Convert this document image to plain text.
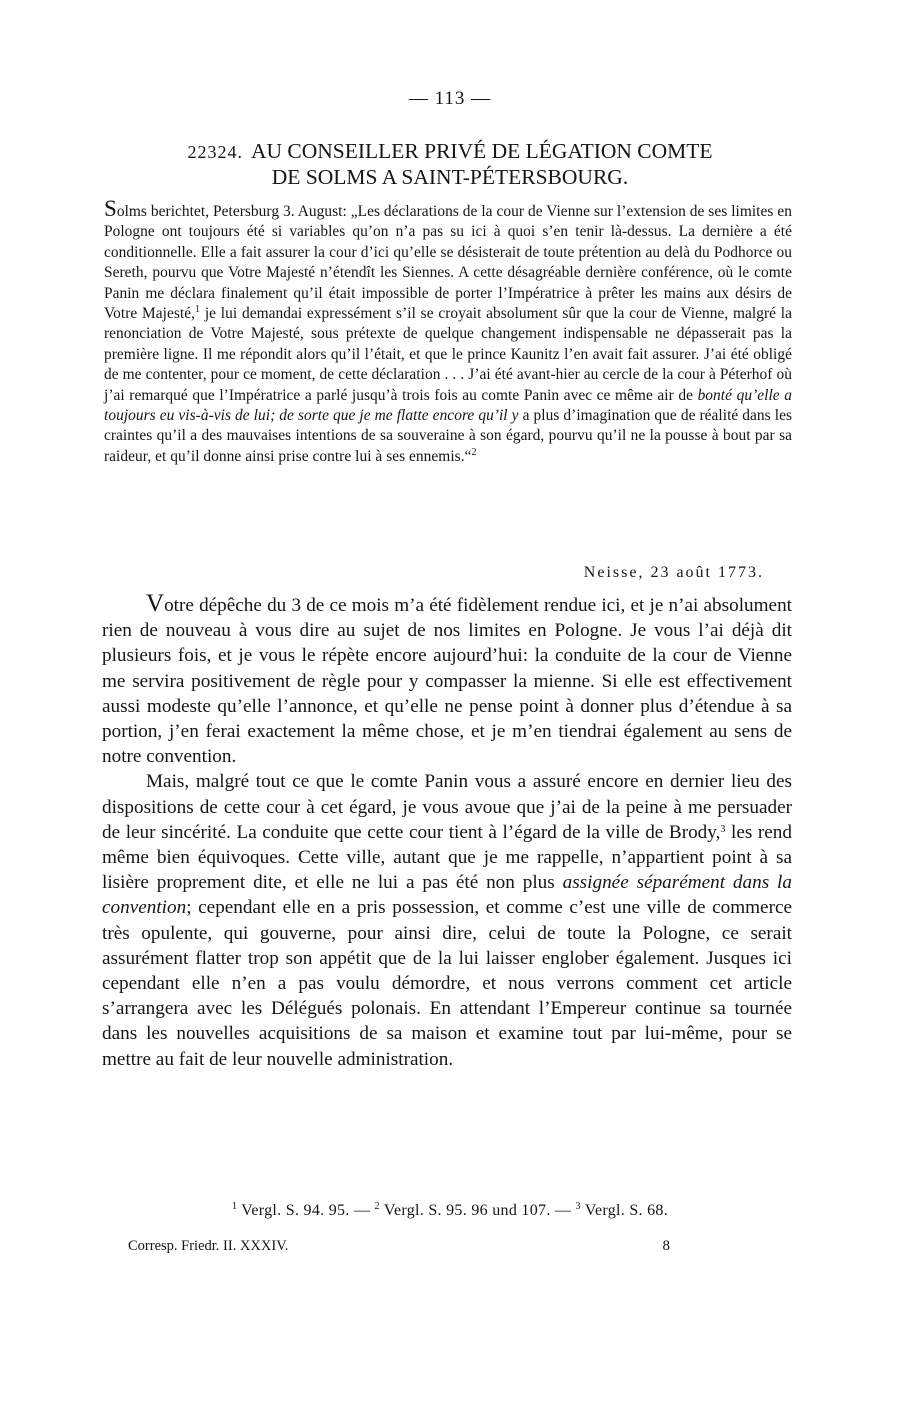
— 113 —
22324. AU CONSEILLER PRIVÉ DE LÉGATION COMTE
DE SOLMS A SAINT-PÉTERSBOURG.
Solms berichtet, Petersburg 3. August: „Les déclarations de la cour de Vienne sur l’extension de ses limites en Pologne ont toujours été si variables qu’on n’a pas su ici à quoi s’en tenir là-dessus. La dernière a été conditionnelle. Elle a fait assurer la cour d’ici qu’elle se désisterait de toute prétention au delà du Podhorce ou Sereth, pourvu que Votre Majesté n’étendît les Siennes. A cette désagréable dernière conférence, où le comte Panin me déclara finalement qu’il était impossible de porter l’Impératrice à prêter les mains aux désirs de Votre Majesté,$^1$ je lui demandai expressément s’il se croyait absolument sûr que la cour de Vienne, malgré la renonciation de Votre Majesté, sous prétexte de quelque changement indispensable ne dépasserait pas la première ligne. Il me répondit alors qu’il l’était, et que le prince Kaunitz l’en avait fait assurer. J’ai été obligé de me contenter, pour ce moment, de cette déclaration . . . J’ai été avant-hier au cercle de la cour à Péterhof où j’ai remarqué que l’Impératrice a parlé jusqu’à trois fois au comte Panin avec ce même air de bonté qu’elle a toujours eu vis-à-vis de lui; de sorte que je me flatte encore qu’il y a plus d’imagination que de réalité dans les craintes qu’il a des mauvaises intentions de sa souveraine à son égard, pourvu qu’il ne la pousse à bout par sa raideur, et qu’il donne ainsi prise contre lui à ses ennemis.“$^2$
Neisse, 23 août 1773.

Votre dépêche du 3 de ce mois m’a été fidèlement rendue ici, et je n’ai absolument rien de nouveau à vous dire au sujet de nos limites en Pologne. Je vous l’ai déjà dit plusieurs fois, et je vous le répète encore aujourd’hui: la conduite de la cour de Vienne me servira positivement de règle pour y compasser la mienne. Si elle est effectivement aussi modeste qu’elle l’annonce, et qu’elle ne pense point à donner plus d’étendue à sa portion, j’en ferai exactement la même chose, et je m’en tiendrai également au sens de notre convention.

Mais, malgré tout ce que le comte Panin vous a assuré encore en dernier lieu des dispositions de cette cour à cet égard, je vous avoue que j’ai de la peine à me persuader de leur sincérité. La conduite que cette cour tient à l’égard de la ville de Brody,$^3$ les rend même bien équivoques. Cette ville, autant que je me rappelle, n’appartient point à sa lisière proprement dite, et elle ne lui a pas été non plus assignée séparément dans la convention; cependant elle en a pris possession, et comme c’est une ville de commerce très opulente, qui gouverne, pour ainsi dire, celui de toute la Pologne, ce serait assurément flatter trop son appétit que de la lui laisser englober également. Jusques ici cependant elle n’en a pas voulu démordre, et nous verrons comment cet article s’arrangera avec les Délégués polonais. En attendant l’Empereur continue sa tournée dans les nouvelles acquisitions de sa maison et examine tout par lui-même, pour se mettre au fait de leur nouvelle administration.

$^1$ Vergl. S. 94. 95. — $^2$ Vergl. S. 95. 96 und 107. — $^3$ Vergl. S. 68.
Corresp. Friedr. II. XXXIV.	8
